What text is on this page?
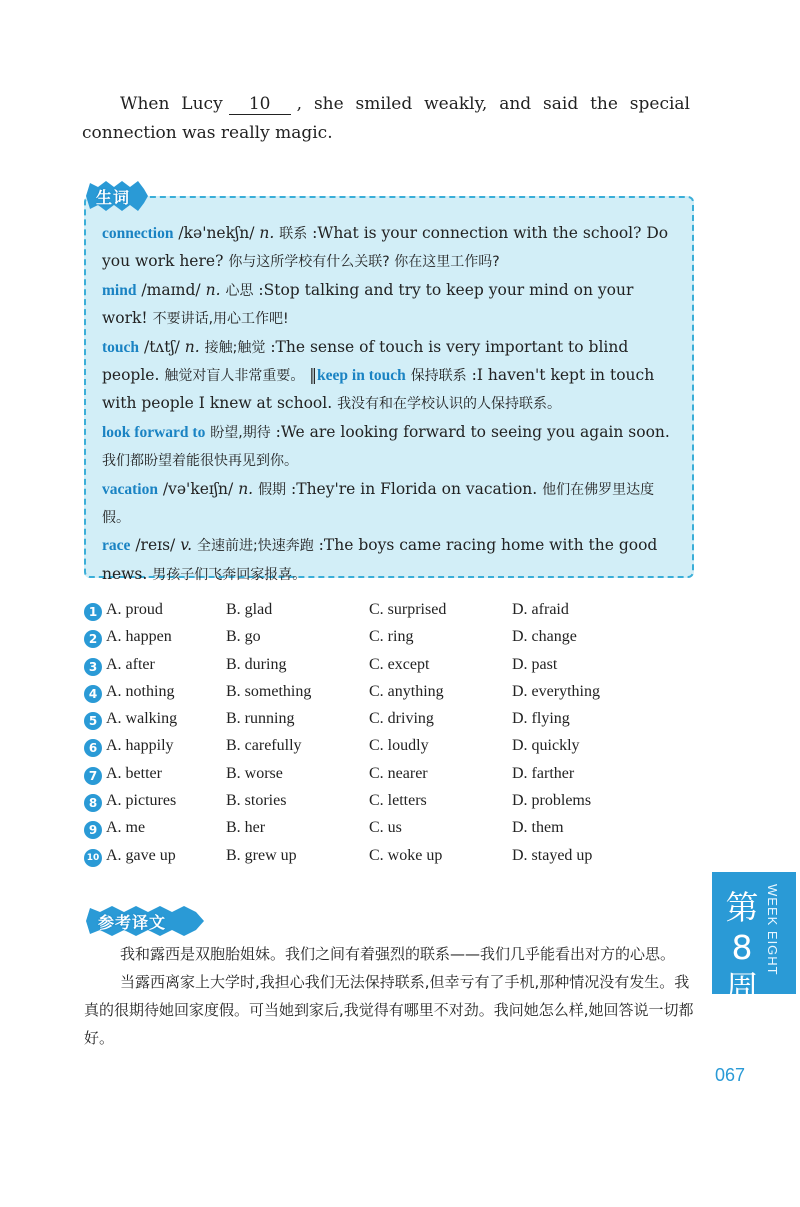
When Lucy 10 , she smiled weakly, and said the special connection was really magic.
connection /kə'nekʃn/ n. 联系 :What is your connection with the school? Do you work here? 你与这所学校有什么关联? 你在这里工作吗?
mind /maɪnd/ n. 心思 :Stop talking and try to keep your mind on your work! 不要讲话,用心工作吧!
touch /tʌtʃ/ n. 接触;触觉 :The sense of touch is very important to blind people. 触觉对盲人非常重要。 ‖keep in touch 保持联系 :I haven't kept in touch with people I knew at school. 我没有和在学校认识的人保持联系。
look forward to 盼望,期待 :We are looking forward to seeing you again soon. 我们都盼望着能很快再见到你。
vacation /və'keɪʃn/ n. 假期 :They're in Florida on vacation. 他们在佛罗里达度假。
race /reɪs/ v. 全速前进;快速奔跑 :The boys came racing home with the good news. 男孩子们飞奔回家报喜。
生词
1 A. proud	B. glad	C. surprised	D. afraid
2 A. happen	B. go	C. ring	D. change
3 A. after	B. during	C. except	D. past
4 A. nothing	B. something	C. anything	D. everything
5 A. walking	B. running	C. driving	D. flying
6 A. happily	B. carefully	C. loudly	D. quickly
7 A. better	B. worse	C. nearer	D. farther
8 A. pictures	B. stories	C. letters	D. problems
9 A. me	B. her	C. us	D. them
10 A. gave up	B. grew up	C. woke up	D. stayed up
参考译文

我和露西是双胞胎姐妹。我们之间有着强烈的联系——我们几乎能看出对方的心思。

当露西离家上大学时,我担心我们无法保持联系,但幸亏有了手机,那种情况没有发生。我真的很期待她回家度假。可当她到家后,我觉得有哪里不对劲。我问她怎么样,她回答说一切都好。

第8周
WEEK EIGHT
067
